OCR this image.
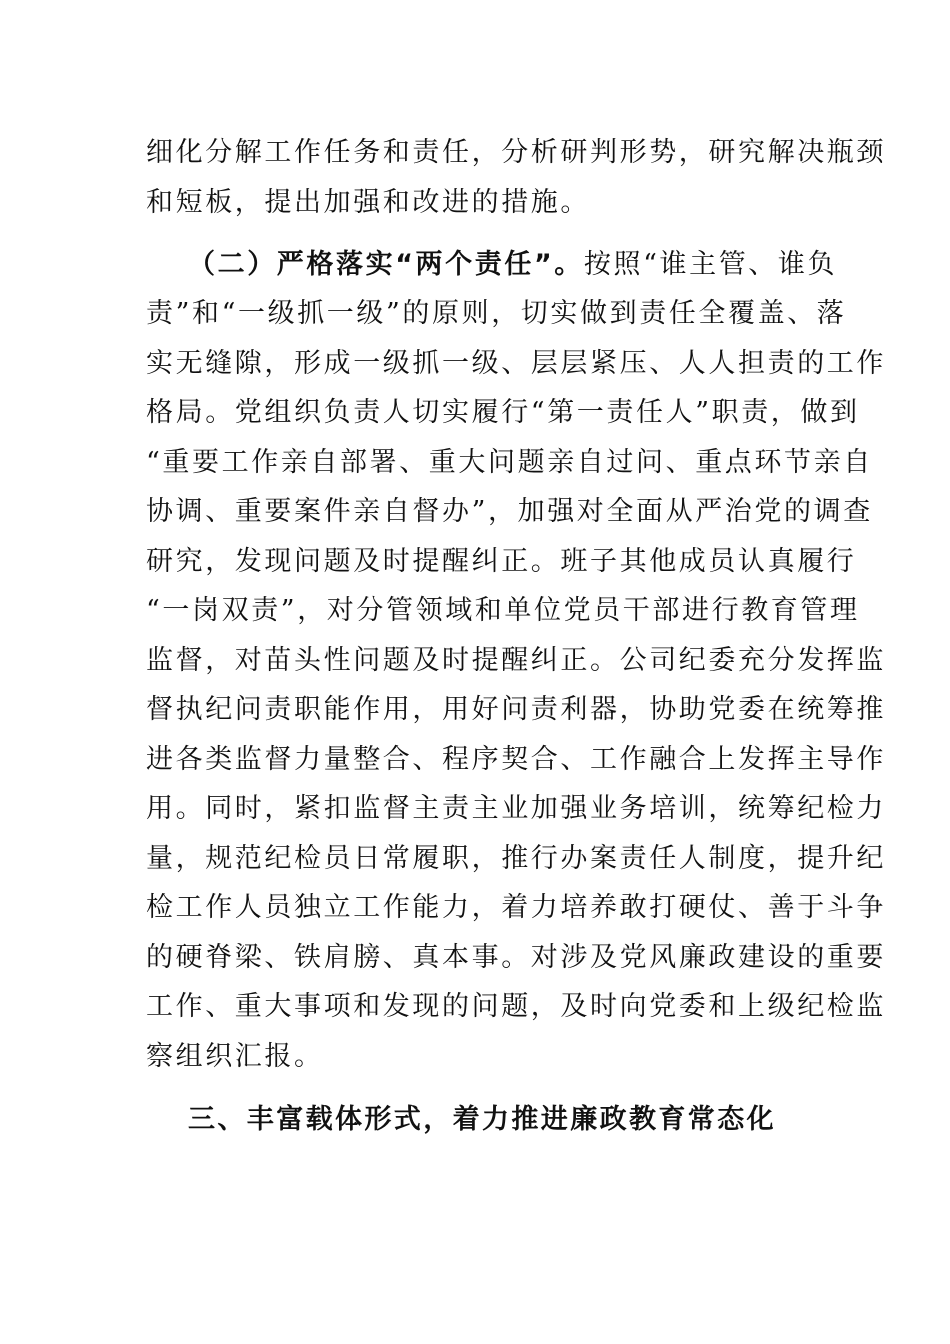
细化分解工作任务和责任，分析研判形势，研究解决瓶颈
和短板，提出加强和改进的措施。
（二）严格落实“两个责任”。按照“谁主管、谁负
责”和“一级抓一级”的原则，切实做到责任全覆盖、落
实无缝隙，形成一级抓一级、层层紧压、人人担责的工作
格局。党组织负责人切实履行“第一责任人”职责，做到
“重要工作亲自部署、重大问题亲自过问、重点环节亲自
协调、重要案件亲自督办”，加强对全面从严治党的调查
研究，发现问题及时提醒纠正。班子其他成员认真履行
“一岗双责”，对分管领域和单位党员干部进行教育管理
监督，对苗头性问题及时提醒纠正。公司纪委充分发挥监
督执纪问责职能作用，用好问责利器，协助党委在统筹推
进各类监督力量整合、程序契合、工作融合上发挥主导作
用。同时，紧扣监督主责主业加强业务培训，统筹纪检力
量，规范纪检员日常履职，推行办案责任人制度，提升纪
检工作人员独立工作能力，着力培养敢打硬仗、善于斗争
的硬脊梁、铁肩膀、真本事。对涉及党风廉政建设的重要
工作、重大事项和发现的问题，及时向党委和上级纪检监
察组织汇报。
三、丰富载体形式，着力推进廉政教育常态化
